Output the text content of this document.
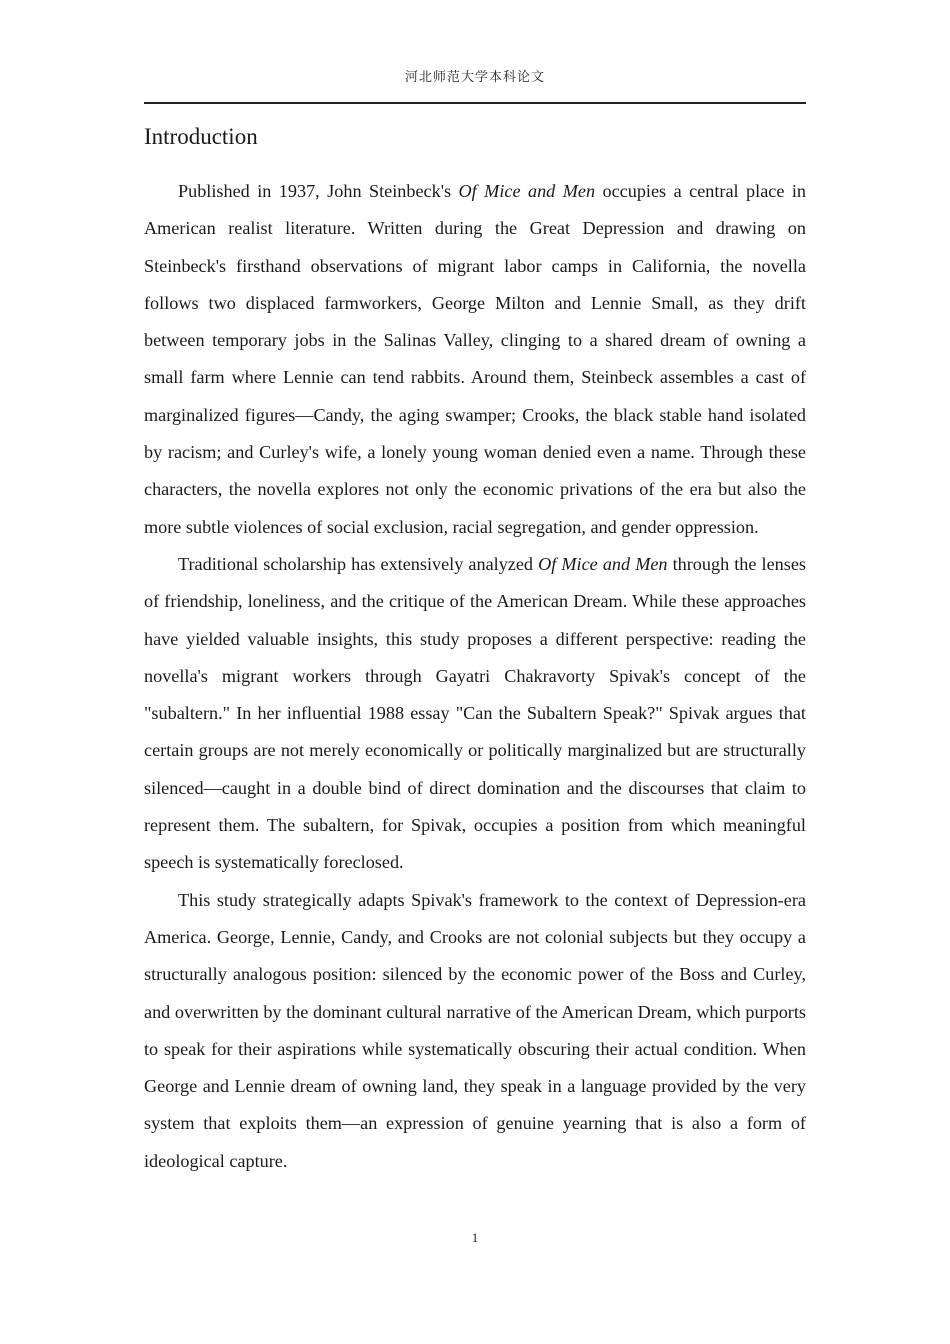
河北师范大学本科论文
Introduction

Published in 1937, John Steinbeck's Of Mice and Men occupies a central place in American realist literature. Written during the Great Depression and drawing on Steinbeck's firsthand observations of migrant labor camps in California, the novella follows two displaced farmworkers, George Milton and Lennie Small, as they drift between temporary jobs in the Salinas Valley, clinging to a shared dream of owning a small farm where Lennie can tend rabbits. Around them, Steinbeck assembles a cast of marginalized figures—Candy, the aging swamper; Crooks, the black stable hand isolated by racism; and Curley's wife, a lonely young woman denied even a name. Through these characters, the novella explores not only the economic privations of the era but also the more subtle violences of social exclusion, racial segregation, and gender oppression.

Traditional scholarship has extensively analyzed Of Mice and Men through the lenses of friendship, loneliness, and the critique of the American Dream. While these approaches have yielded valuable insights, this study proposes a different perspective: reading the novella's migrant workers through Gayatri Chakravorty Spivak's concept of the "subaltern." In her influential 1988 essay "Can the Subaltern Speak?" Spivak argues that certain groups are not merely economically or politically marginalized but are structurally silenced—caught in a double bind of direct domination and the discourses that claim to represent them. The subaltern, for Spivak, occupies a position from which meaningful speech is systematically foreclosed.

This study strategically adapts Spivak's framework to the context of Depression-era America. George, Lennie, Candy, and Crooks are not colonial subjects but they occupy a structurally analogous position: silenced by the economic power of the Boss and Curley, and overwritten by the dominant cultural narrative of the American Dream, which purports to speak for their aspirations while systematically obscuring their actual condition. When George and Lennie dream of owning land, they speak in a language provided by the very system that exploits them—an expression of genuine yearning that is also a form of ideological capture.

1
